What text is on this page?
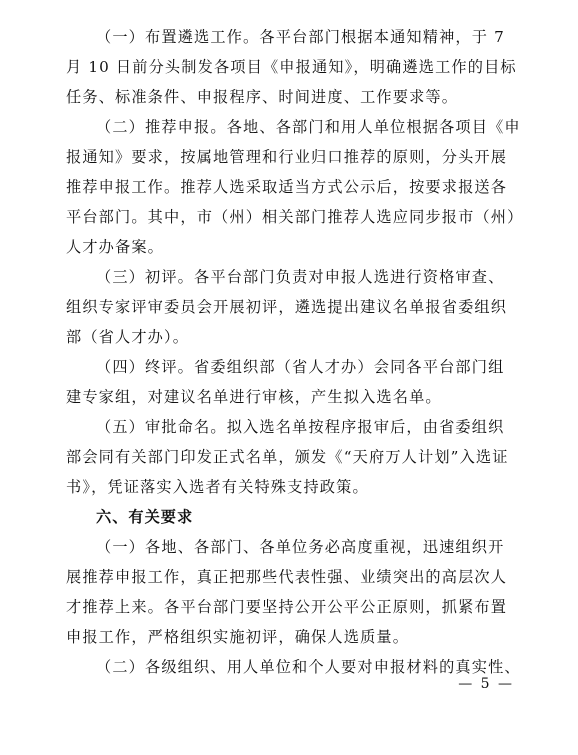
（一）布置遴选工作。各平台部门根据本通知精神，于 7
月 10 日前分头制发各项目《申报通知》，明确遴选工作的目标
任务、标准条件、申报程序、时间进度、工作要求等。
（二）推荐申报。各地、各部门和用人单位根据各项目《申
报通知》要求，按属地管理和行业归口推荐的原则，分头开展
推荐申报工作。推荐人选采取适当方式公示后，按要求报送各
平台部门。其中，市（州）相关部门推荐人选应同步报市（州）
人才办备案。
（三）初评。各平台部门负责对申报人选进行资格审查、
组织专家评审委员会开展初评，遴选提出建议名单报省委组织
部（省人才办）。
（四）终评。省委组织部（省人才办）会同各平台部门组
建专家组，对建议名单进行审核，产生拟入选名单。
（五）审批命名。拟入选名单按程序报审后，由省委组织
部会同有关部门印发正式名单，颁发《“天府万人计划”入选证
书》，凭证落实入选者有关特殊支持政策。
六、有关要求
（一）各地、各部门、各单位务必高度重视，迅速组织开
展推荐申报工作，真正把那些代表性强、业绩突出的高层次人
才推荐上来。各平台部门要坚持公开公平公正原则，抓紧布置
申报工作，严格组织实施初评，确保人选质量。
（二）各级组织、用人单位和个人要对申报材料的真实性、
— 5 —
